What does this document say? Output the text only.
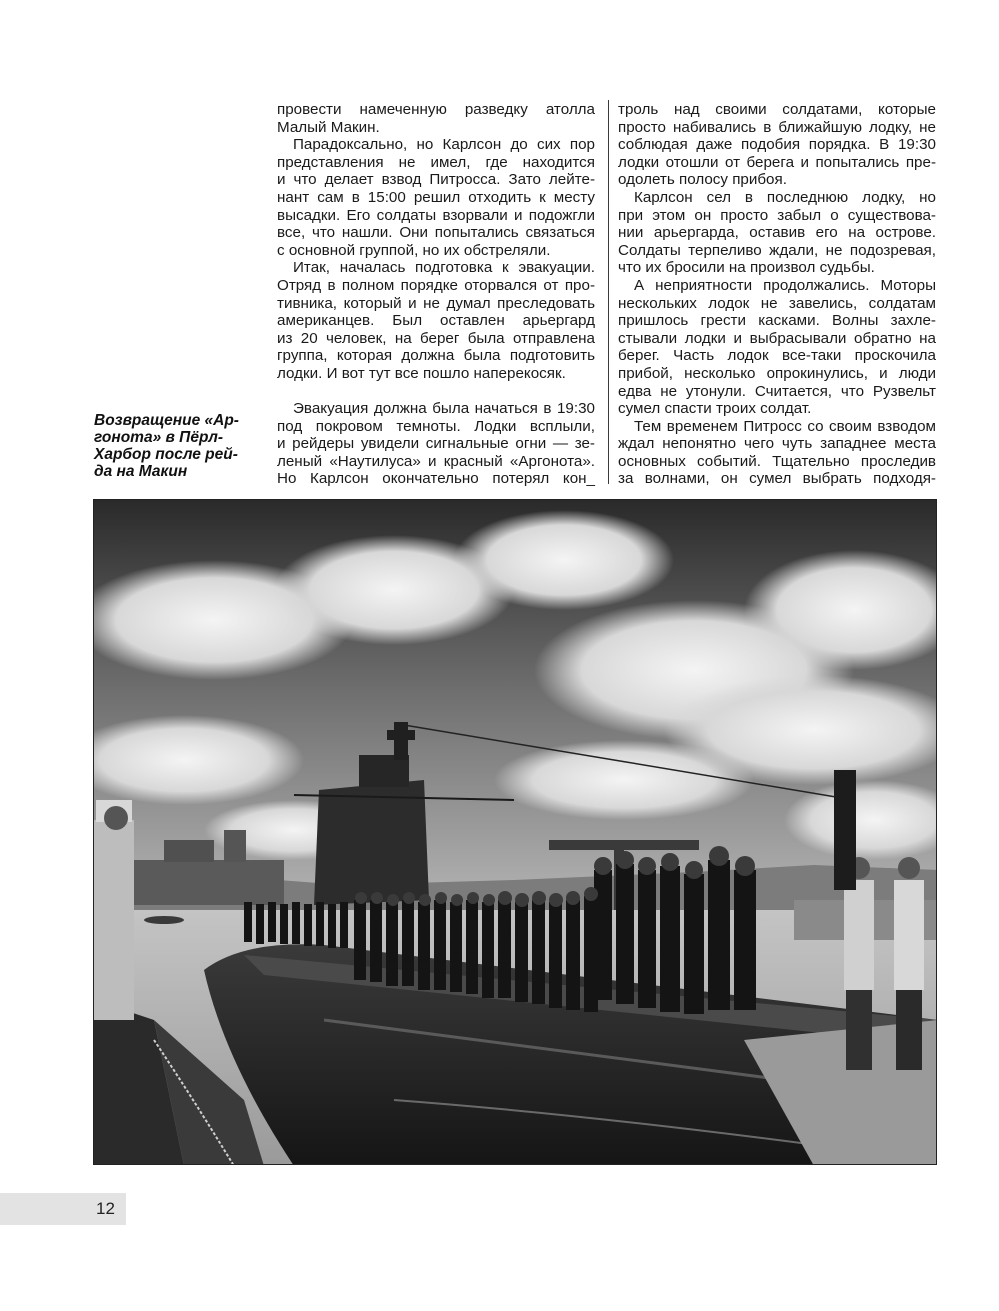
Возвращение «Ар-
гонота» в Пёрл-
Харбор после рей-
да на Макин
провести намеченную разведку атолла
Малый Макин.
Парадоксально, но Карлсон до сих пор
представления не имел, где находится
и что делает взвод Питросса. Зато лейте-
нант сам в 15:00 решил отходить к месту
высадки. Его солдаты взорвали и подожгли
все, что нашли. Они попытались связаться
с основной группой, но их обстреляли.
Итак, началась подготовка к эвакуации.
Отряд в полном порядке оторвался от про-
тивника, который и не думал преследовать
американцев. Был оставлен арьергард
из 20 человек, на берег была отправлена
группа, которая должна была подготовить
лодки. И вот тут все пошло наперекосяк.
Эвакуация должна была начаться в 19:30
под покровом темноты. Лодки всплыли,
и рейдеры увидели сигнальные огни — зе-
леный «Наутилуса» и красный «Аргонота».
Но Карлсон окончательно потерял кон_
троль над своими солдатами, которые
просто набивались в ближайшую лодку, не
соблюдая даже подобия порядка. В 19:30
лодки отошли от берега и попытались пре-
одолеть полосу прибоя.
Карлсон сел в последнюю лодку, но
при этом он просто забыл о существова-
нии арьергарда, оставив его на острове.
Солдаты терпеливо ждали, не подозревая,
что их бросили на произвол судьбы.
А неприятности продолжались. Моторы
нескольких лодок не завелись, солдатам
пришлось грести касками. Волны захле-
стывали лодки и выбрасывали обратно на
берег. Часть лодок все-таки проскочила
прибой, несколько опрокинулись, и люди
едва не утонули. Считается, что Рузвельт
сумел спасти троих солдат.
Тем временем Питросс со своим взводом
ждал непонятно чего чуть западнее места
основных событий. Тщательно проследив
за волнами, он сумел выбрать подходя-
12
